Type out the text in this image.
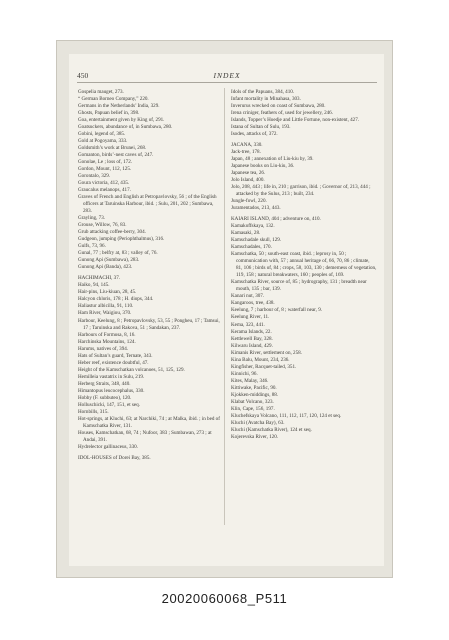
450	INDEX
Gospelia mauget, 273.
“ German Borneo Company,” 220.
Germans in the Netherlands’ India, 329.
Ghosts, Papuan belief in, 398.
Goa, entertainment given by King of, 291.
Goatsuckers, abundance of, in Sumbawa, 280.
Gobini, legend of, 385.
Gold at Pogoyama, 333.
Goldsmith’s work at Brunei, 268.
Gomanton, birds’-nest caves of, 247.
Gonolae, Le ; loss of, 172.
Gordon, Mount, 112, 125.
Gorontalo, 329.
Goura victoria, 412, 435.
Graucalus melanops, 417.
Graves of French and English at Petropavlovsky, 56 ; of the English officers at Taruinska Harbour, ibid. ; Sulu, 201, 202 ; Sumbawa, 283.
Grayling, 73.
Grouse, Willow, 76, 83.
Grub attacking coffee-berry, 304.
Gudgeon, jumping (Periophthalmus), 316.
Gulfs, 73, 96.
Gunal, 77 ; belfry at, 83 ; valley of, 76.
Gunong Api (Sumbawa), 283.
Gunong Api (Banda), 423.
HACHIMACHI, 37.
Haiko, 94, 145.
Hair-pins, Liu-kiuan, 28, 45.
Halcyon chloris, 178 ; H. diops, 344.
Haliastur albicilla, 91, 110.
Ham River, Waigiou, 370.
Harbour, Keelung, 8 ; Petropavlovsky, 53, 55 ; Pongheu, 17 ; Tamsui, 17 ; Taruinska and Rakova, 51 ; Sandakan, 237.
Harbours of Formosa, 8, 16.
Harchinska Mountains, 124.
Harums, natives of, 394.
Hats of Sultan’s guard, Ternate, 343.
Heber reef, existence doubtful, 47.
Height of the Kamschatkan volcanoes, 51, 125, 129.
Hemilleia vastatrix in Sulu, 219.
Herberg Straits, 348, 440.
Himantopus leucocephalus, 330.
Hobby (F. subbuteo), 120.
Holluschicki, 147, 151, et seq.
Hornbills, 315.
Hot-springs, at Kluchi, 63; at Narchiki, 74 ; at Malka, ibid. ; in bed of Kamschatka River, 131.
Houses, Kamschatkan, 68, 74 ; Nufoor, 383 ; Sumbawan, 273 ; at Andai, 391.
Hydrelector gallinaceus, 330.
IDOL-HOUSES of Dorei Bay, 385.
Idols of the Papuans, 384, 410.
Infant mortality in Minahasa, 303.
Inverurus wrecked on coast of Sumbawa, 280.
Irena criniger, feathers of, used for jewellery, 246.
Islands, Topper’s Hoedje and Little Fortune, non-existent, 427.
Istana of Sultan of Sulu, 193.
Isodes, attacks of, 372.
JACANA, 330.
Jack-tree, 178.
Japan, 48 ; annexation of Liu-kiu by, 39.
Japanese books on Liu-kiu, 36.
Japanese tea, 26.
Jolo Island, 400.
Jolo, 208, 443 ; life in, 210 ; garrison, ibid. ; Governor of, 213, 444 ; attacked by the Sulus, 213 ; built, 234.
Jungle-fowl, 220.
Juramentados, 213, 443.
KAIARI ISLAND, 404 ; adventure on, 410.
Kamakoffskaya, 132.
Kamasaki, 28.
Kamschadale skull, 129.
Kamschadales, 170.
Kamschatka, 50 ; south-east coast, ibid. ; leprosy in, 50 ; communication with, 57 ; annual heritage of, 66, 70, 86 ; climate, 81, 106 ; birds of, 84 ; crops, 58, 103, 130 ; demerness of vegetation, 119, 158 ; natural breakwaters, 160 ; peoples of, 169.
Kamschatka River, source of, 85 ; hydrography, 131 ; breadth near mouth, 135 ; bar, 139.
Kanari nut, 307.
Kangaroos, tree, 438.
Keelung, 7 ; harbour of, 8 ; waterfall near, 9.
Keelung River, 11.
Kema, 323, 441.
Kerama Islands, 22.
Kettlewell Bay, 328.
Kilwaru Island, 429.
Kimanis River, settlement on, 258.
Kina Balu, Mount, 234, 236.
Kingfisher, Racquet-tailed, 351.
Kinnichi, 96.
Kites, Malay, 346.
Kittiwake, Pacific, 90.
Kjokken-middings, 88.
Klabat Volcano, 323.
Klin, Cape, 156, 197.
Kluchefskaya Volcano, 111, 112, 117, 120, 124 et seq.
Kluchi (Avatcha Bay), 63.
Kluchi (Kamschatka River), 124 et seq.
Kojerevska River, 120.
20020060068_P511
